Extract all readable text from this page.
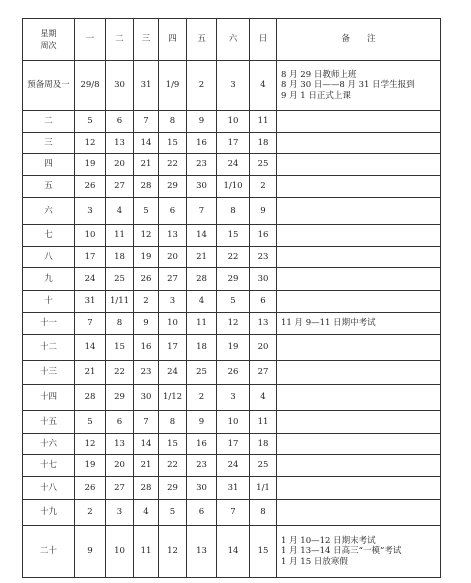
星期
周次	一	二	三	四	五	六	日	备　　注
预备周及一	29/8	30	31	1/9	2	3	4	8 月 29 日教师上班
8 月 30 日——8 月 31 日学生报到
9 月 1 日正式上课

二	5	6	7	8	9	10	11	
三	12	13	14	15	16	17	18	
四	19	20	21	22	23	24	25	
五	26	27	28	29	30	1/10	2	
六	3	4	5	6	7	8	9	
七	10	11	12	13	14	15	16	
八	17	18	19	20	21	22	23	
九	24	25	26	27	28	29	30	
十	31	1/11	2	3	4	5	6	
十一	7	8	9	10	11	12	13	11 月 9—11 日期中考试

十二	14	15	16	17	18	19	20	
十三	21	22	23	24	25	26	27	
十四	28	29	30	1/12	2	3	4	
十五	5	6	7	8	9	10	11	
十六	12	13	14	15	16	17	18	
十七	19	20	21	22	23	24	25	
十八	26	27	28	29	30	31	1/1	
十九	2	3	4	5	6	7	8	
二十	9	10	11	12	13	14	15	1 月 10—12 日期末考试
1 月 13—14 日高三“一模”考试
1 月 15 日放寒假
